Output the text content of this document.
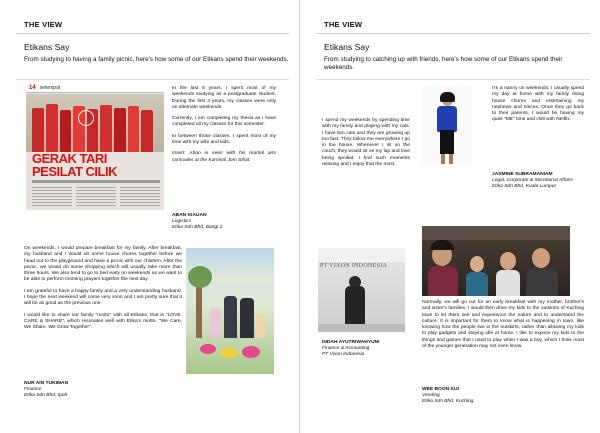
THE VIEW
Etikans Say
From studying to having a family picnic, here's how some of our Etikans spend their weekends.
14 setempat
GERAK TARI
PESILAT CILIK

In the last 5 years, I spent most of my weekends studying as a postgraduate student. During the first 4 years, my classes were only on alternate weekends.

Currently, I am completing my thesis as I have completed all my classes for this semester.

In between those classes, I spent most of my time with my wife and kids.

Insert: Aban is seen with his martial arts comrades at the Karnival Jom Sihat.

ABAN KIAUAN
Logistics
Etika Sdn Bhd, Bangi 2

On weekends, I would prepare breakfast for my family. After breakfast, my husband and I would do some house chores together before we head out to the playground and have a picnic with our children. After the picnic, we would do some shopping which will usually take more than three hours. We also tend to go to bed early on weekends as we want to be able to perform morning prayers together the next day.

I am grateful to have a happy family and a very understanding husband. I hope the next weekend will come very soon and I am pretty sure that it will be as good as the previous one.

I would like to share our family "motto" with all Etikans; that is "LOVE, CARE & SHARE", which resonates well with Etika's motto, "We Care. We Share. We Grow Together".

NUR AIN TUKIMAN
Finance
Etika Sdn Bhd, Ipoh
THE VIEW
Etikans Say
From studying to catching up with friends, here's how some of our Etikans spend their weekends.

I spend my weekends by spending time with my family and playing with my cats. I have two cats and they are growing up too fast. They follow me everywhere I go in the house. Whenever I sit on the couch, they would sit on my lap and love being spoiled. I find such moments relaxing and I enjoy that the most.

I'm a nanny on weekends. I usually spend my day at home with my family doing house chores and entertaining my nephews and nieces. Once they go back to their parents, I would be having my quiet "ME" time and chill with Netflix.

JASMINE SUBRAMANIAM
Legal, Corporate & Secretarial Affairs
Etika Sdn Bhd, Kuala Lumpur
PT VIXON INDONESIA
INDAH AYUTRIWAHYUNI
Finance & Accounting
PT Vixon Indonesia

Normally, we will go out for an early breakfast with my mother, brother's and sister's families. I would then drive my kids to the outskirts of Kuching town to let them see and experience the nature and to understand the culture. It is important for them to know what is happening in town, like knowing how the people live in the outskirts, rather than allowing my kids to play gadgets and staying idle at home. I like to expose my kids to the things and games that I used to play when I was a boy, which I think most of the younger generation may not even know.

WEE BOON KUI
Vending
Etika Sdn Bhd, Kuching
